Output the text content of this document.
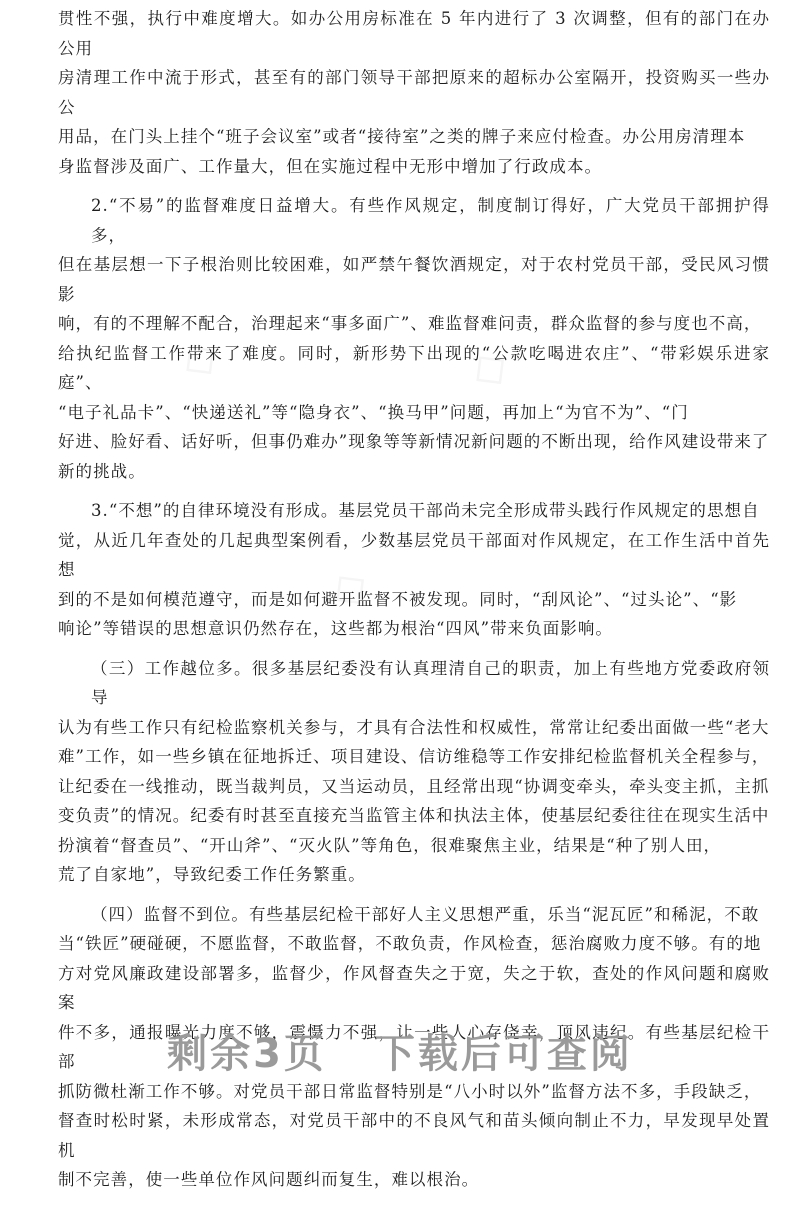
◇	◇
◇

贯性不强，执行中难度增大。如办公用房标准在 5 年内进行了 3 次调整，但有的部门在办公用
房清理工作中流于形式，甚至有的部门领导干部把原来的超标办公室隔开，投资购买一些办公
用品，在门头上挂个“班子会议室”或者“接待室”之类的牌子来应付检查。办公用房清理本
身监督涉及面广、工作量大，但在实施过程中无形中增加了行政成本。

2.“不易”的监督难度日益增大。有些作风规定，制度制订得好，广大党员干部拥护得多，
但在基层想一下子根治则比较困难，如严禁午餐饮酒规定，对于农村党员干部，受民风习惯影
响，有的不理解不配合，治理起来“事多面广”、难监督难问责，群众监督的参与度也不高，
给执纪监督工作带来了难度。同时，新形势下出现的“公款吃喝进农庄”、“带彩娱乐进家庭”、
“电子礼品卡”、“快递送礼”等“隐身衣”、“换马甲”问题，再加上“为官不为”、“门
好进、脸好看、话好听，但事仍难办”现象等等新情况新问题的不断出现，给作风建设带来了
新的挑战。

3.“不想”的自律环境没有形成。基层党员干部尚未完全形成带头践行作风规定的思想自
觉，从近几年查处的几起典型案例看，少数基层党员干部面对作风规定，在工作生活中首先想
到的不是如何模范遵守，而是如何避开监督不被发现。同时，“刮风论”、“过头论”、“影
响论”等错误的思想意识仍然存在，这些都为根治“四风”带来负面影响。

（三）工作越位多。很多基层纪委没有认真理清自己的职责，加上有些地方党委政府领导
认为有些工作只有纪检监察机关参与，才具有合法性和权威性，常常让纪委出面做一些“老大
难”工作，如一些乡镇在征地拆迁、项目建设、信访维稳等工作安排纪检监督机关全程参与，
让纪委在一线推动，既当裁判员，又当运动员，且经常出现“协调变牵头，牵头变主抓，主抓
变负责”的情况。纪委有时甚至直接充当监管主体和执法主体，使基层纪委往往在现实生活中
扮演着“督查员”、“开山斧”、“灭火队”等角色，很难聚焦主业，结果是“种了别人田，
荒了自家地”，导致纪委工作任务繁重。

（四）监督不到位。有些基层纪检干部好人主义思想严重，乐当“泥瓦匠”和稀泥，不敢
当“铁匠”硬碰硬，不愿监督，不敢监督，不敢负责，作风检查，惩治腐败力度不够。有的地
方对党风廉政建设部署多，监督少，作风督查失之于宽，失之于软，查处的作风问题和腐败案
件不多，通报曝光力度不够，震慑力不强，让一些人心存侥幸，顶风违纪。有些基层纪检干部
抓防微杜渐工作不够。对党员干部日常监督特别是“八小时以外”监督方法不多，手段缺乏，
督查时松时紧，未形成常态，对党员干部中的不良风气和苗头倾向制止不力，早发现早处置机
制不完善，使一些单位作风问题纠而复生，难以根治。

剩余3页 下载后可查阅
